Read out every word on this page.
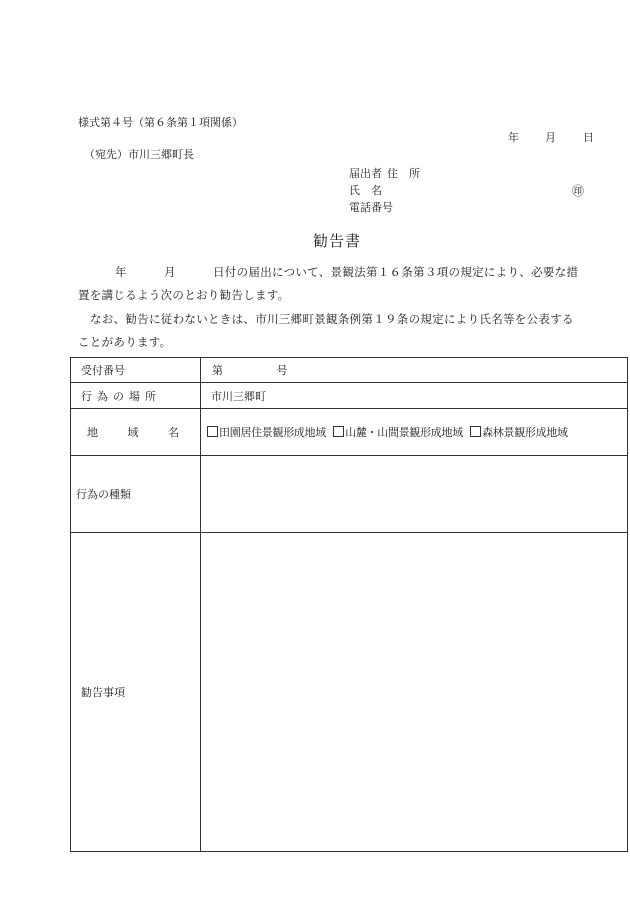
様式第４号（第６条第１項関係）
年 月 日
（宛先）市川三郷町長
届出者 住　所
氏　名	㊞
電話番号
勧告書
年	月	日付の届出について、景観法第１６条第３項の規定により、必要な措
置を講じるよう次のとおり勧告します。
なお、勧告に従わないときは、市川三郷町景観条例第１９条の規定により氏名等を公表する
ことがあります。
受付番号	第 号
行為の場所	市川三郷町
地 域 名	田園居住景観形成地域 山麓・山間景観形成地域 森林景観形成地域
行為の種類	
勧告事項	
